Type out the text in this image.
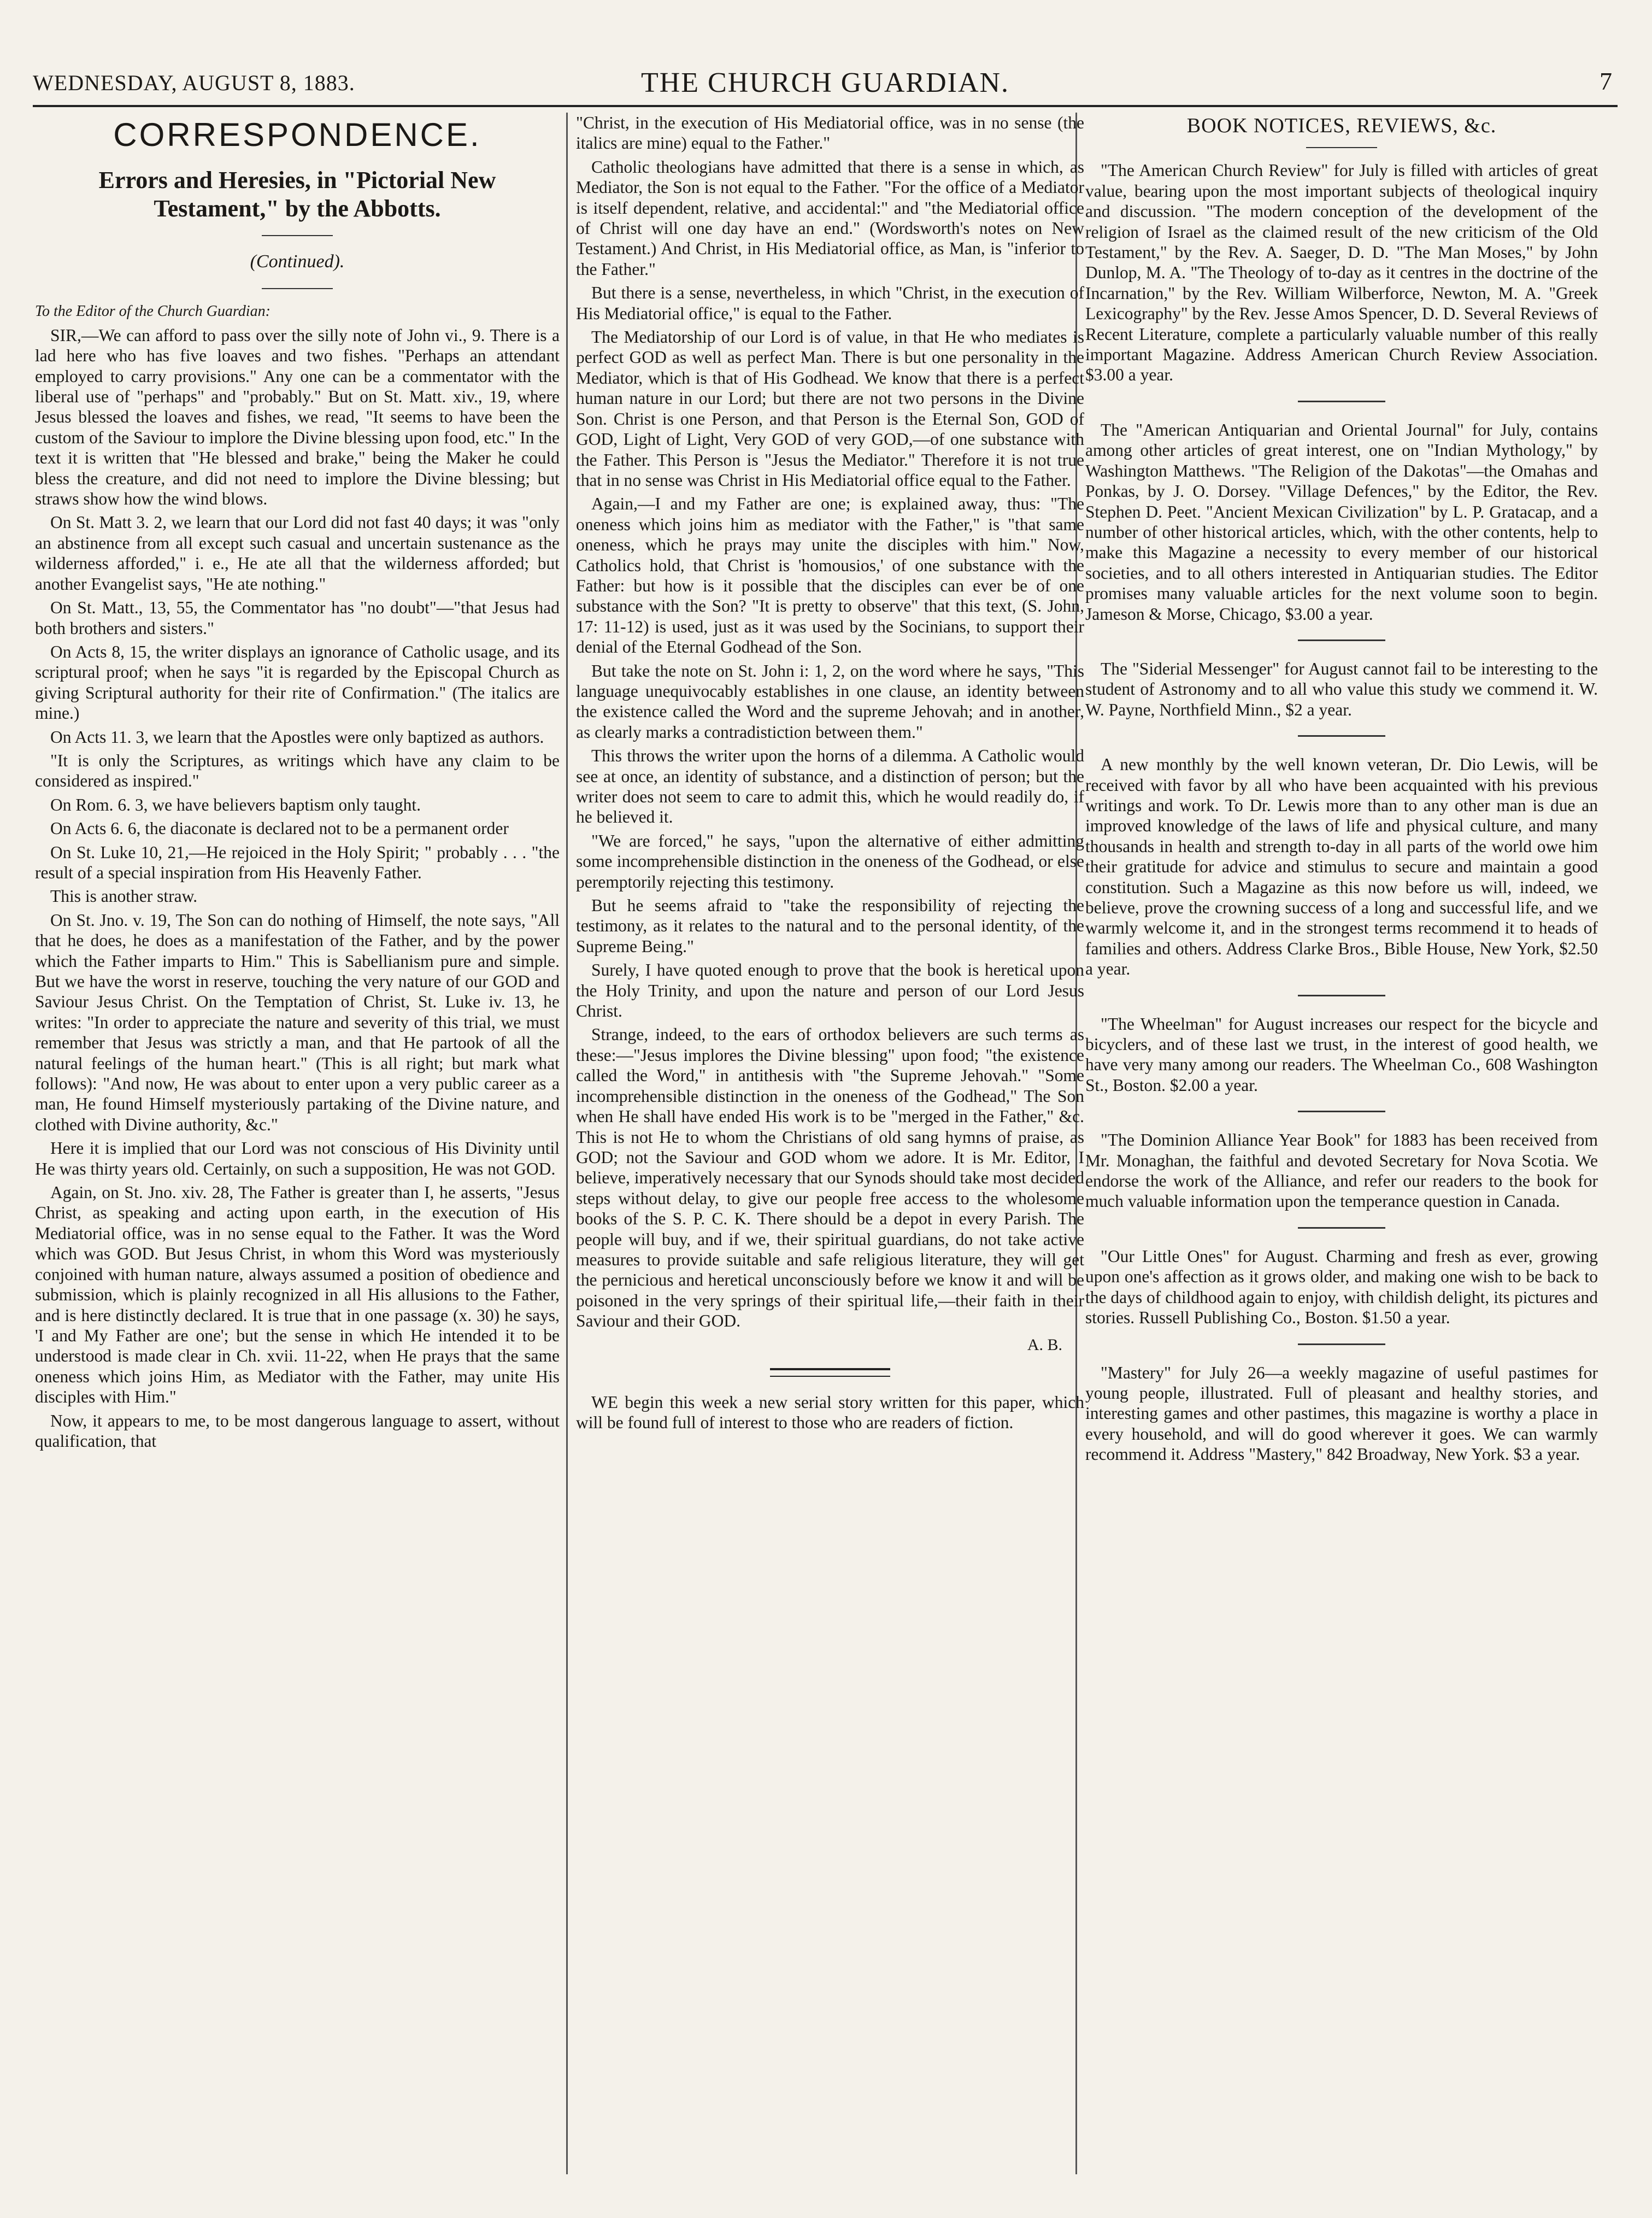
WEDNESDAY, AUGUST 8, 1883.	THE CHURCH GUARDIAN.	7
CORRESPONDENCE.
Errors and Heresies, in "Pictorial New Testament," by the Abbotts.
(Continued).
To the Editor of the Church Guardian:

SIR,—We can afford to pass over the silly note of John vi., 9. There is a lad here who has five loaves and two fishes. "Perhaps an attendant employed to carry provisions." Any one can be a commentator with the liberal use of "perhaps" and "probably." But on St. Matt. xiv., 19, where Jesus blessed the loaves and fishes, we read, "It seems to have been the custom of the Saviour to implore the Divine blessing upon food, etc." In the text it is written that "He blessed and brake," being the Maker he could bless the creature, and did not need to implore the Divine blessing; but straws show how the wind blows.

On St. Matt 3. 2, we learn that our Lord did not fast 40 days; it was "only an abstinence from all except such casual and uncertain sustenance as the wilderness afforded," i. e., He ate all that the wilderness afforded; but another Evangelist says, "He ate nothing."

On St. Matt., 13, 55, the Commentator has "no doubt"—"that Jesus had both brothers and sisters."

On Acts 8, 15, the writer displays an ignorance of Catholic usage, and its scriptural proof; when he says "it is regarded by the Episcopal Church as giving Scriptural authority for their rite of Confirmation." (The italics are mine.)

On Acts 11. 3, we learn that the Apostles were only baptized as authors.

"It is only the Scriptures, as writings which have any claim to be considered as inspired."

On Rom. 6. 3, we have believers baptism only taught.

On Acts 6. 6, the diaconate is declared not to be a permanent order

On St. Luke 10, 21,—He rejoiced in the Holy Spirit; " probably . . . "the result of a special inspiration from His Heavenly Father.

This is another straw.

On St. Jno. v. 19, The Son can do nothing of Himself, the note says, "All that he does, he does as a manifestation of the Father, and by the power which the Father imparts to Him." This is Sabellianism pure and simple. But we have the worst in reserve, touching the very nature of our GOD and Saviour Jesus Christ. On the Temptation of Christ, St. Luke iv. 13, he writes: "In order to appreciate the nature and severity of this trial, we must remember that Jesus was strictly a man, and that He partook of all the natural feelings of the human heart." (This is all right; but mark what follows): "And now, He was about to enter upon a very public career as a man, He found Himself mysteriously partaking of the Divine nature, and clothed with Divine authority, &c."

Here it is implied that our Lord was not conscious of His Divinity until He was thirty years old. Certainly, on such a supposition, He was not GOD.

Again, on St. Jno. xiv. 28, The Father is greater than I, he asserts, "Jesus Christ, as speaking and acting upon earth, in the execution of His Mediatorial office, was in no sense equal to the Father. It was the Word which was GOD. But Jesus Christ, in whom this Word was mysteriously conjoined with human nature, always assumed a position of obedience and submission, which is plainly recognized in all His allusions to the Father, and is here distinctly declared. It is true that in one passage (x. 30) he says, 'I and My Father are one'; but the sense in which He intended it to be understood is made clear in Ch. xvii. 11-22, when He prays that the same oneness which joins Him, as Mediator with the Father, may unite His disciples with Him."

Now, it appears to me, to be most dangerous language to assert, without qualification, that

"Christ, in the execution of His Mediatorial office, was in no sense (the italics are mine) equal to the Father."

Catholic theologians have admitted that there is a sense in which, as Mediator, the Son is not equal to the Father. "For the office of a Mediator is itself dependent, relative, and accidental:" and "the Mediatorial office of Christ will one day have an end." (Wordsworth's notes on New Testament.) And Christ, in His Mediatorial office, as Man, is "inferior to the Father."

But there is a sense, nevertheless, in which "Christ, in the execution of His Mediatorial office," is equal to the Father.

The Mediatorship of our Lord is of value, in that He who mediates is perfect GOD as well as perfect Man. There is but one personality in the Mediator, which is that of His Godhead. We know that there is a perfect human nature in our Lord; but there are not two persons in the Divine Son. Christ is one Person, and that Person is the Eternal Son, GOD of GOD, Light of Light, Very GOD of very GOD,—of one substance with the Father. This Person is "Jesus the Mediator." Therefore it is not true that in no sense was Christ in His Mediatorial office equal to the Father.

Again,—I and my Father are one; is explained away, thus: "The oneness which joins him as mediator with the Father," is "that same oneness, which he prays may unite the disciples with him." Now, Catholics hold, that Christ is 'homousios,' of one substance with the Father: but how is it possible that the disciples can ever be of one substance with the Son? "It is pretty to observe" that this text, (S. John, 17: 11-12) is used, just as it was used by the Socinians, to support their denial of the Eternal Godhead of the Son.

But take the note on St. John i: 1, 2, on the word where he says, "This language unequivocably establishes in one clause, an identity between the existence called the Word and the supreme Jehovah; and in another, as clearly marks a contradistiction between them."

This throws the writer upon the horns of a dilemma. A Catholic would see at once, an identity of substance, and a distinction of person; but the writer does not seem to care to admit this, which he would readily do, if he believed it.

"We are forced," he says, "upon the alternative of either admitting some incomprehensible distinction in the oneness of the Godhead, or else peremptorily rejecting this testimony.

But he seems afraid to "take the responsibility of rejecting the testimony, as it relates to the natural and to the personal identity, of the Supreme Being."

Surely, I have quoted enough to prove that the book is heretical upon the Holy Trinity, and upon the nature and person of our Lord Jesus Christ.

Strange, indeed, to the ears of orthodox believers are such terms as these:—"Jesus implores the Divine blessing" upon food; "the existence called the Word," in antithesis with "the Supreme Jehovah." "Some incomprehensible distinction in the oneness of the Godhead," The Son when He shall have ended His work is to be "merged in the Father," &c. This is not He to whom the Christians of old sang hymns of praise, as GOD; not the Saviour and GOD whom we adore. It is Mr. Editor, I believe, imperatively necessary that our Synods should take most decided steps without delay, to give our people free access to the wholesome books of the S. P. C. K. There should be a depot in every Parish. The people will buy, and if we, their spiritual guardians, do not take active measures to provide suitable and safe religious literature, they will get the pernicious and heretical unconsciously before we know it and will be poisoned in the very springs of their spiritual life,—their faith in their Saviour and their GOD.

A. B.

WE begin this week a new serial story written for this paper, which will be found full of interest to those who are readers of fiction.

BOOK NOTICES, REVIEWS, &c.

"The American Church Review" for July is filled with articles of great value, bearing upon the most important subjects of theological inquiry and discussion. "The modern conception of the development of the religion of Israel as the claimed result of the new criticism of the Old Testament," by the Rev. A. Saeger, D. D. "The Man Moses," by John Dunlop, M. A. "The Theology of to-day as it centres in the doctrine of the Incarnation," by the Rev. William Wilberforce, Newton, M. A. "Greek Lexicography" by the Rev. Jesse Amos Spencer, D. D. Several Reviews of Recent Literature, complete a particularly valuable number of this really important Magazine. Address American Church Review Association. $3.00 a year.

The "American Antiquarian and Oriental Journal" for July, contains among other articles of great interest, one on "Indian Mythology," by Washington Matthews. "The Religion of the Dakotas"—the Omahas and Ponkas, by J. O. Dorsey. "Village Defences," by the Editor, the Rev. Stephen D. Peet. "Ancient Mexican Civilization" by L. P. Gratacap, and a number of other historical articles, which, with the other contents, help to make this Magazine a necessity to every member of our historical societies, and to all others interested in Antiquarian studies. The Editor promises many valuable articles for the next volume soon to begin. Jameson & Morse, Chicago, $3.00 a year.

The "Siderial Messenger" for August cannot fail to be interesting to the student of Astronomy and to all who value this study we commend it. W. W. Payne, Northfield Minn., $2 a year.

A new monthly by the well known veteran, Dr. Dio Lewis, will be received with favor by all who have been acquainted with his previous writings and work. To Dr. Lewis more than to any other man is due an improved knowledge of the laws of life and physical culture, and many thousands in health and strength to-day in all parts of the world owe him their gratitude for advice and stimulus to secure and maintain a good constitution. Such a Magazine as this now before us will, indeed, we believe, prove the crowning success of a long and successful life, and we warmly welcome it, and in the strongest terms recommend it to heads of families and others. Address Clarke Bros., Bible House, New York, $2.50 a year.

"The Wheelman" for August increases our respect for the bicycle and bicyclers, and of these last we trust, in the interest of good health, we have very many among our readers. The Wheelman Co., 608 Washington St., Boston. $2.00 a year.

"The Dominion Alliance Year Book" for 1883 has been received from Mr. Monaghan, the faithful and devoted Secretary for Nova Scotia. We endorse the work of the Alliance, and refer our readers to the book for much valuable information upon the temperance question in Canada.

"Our Little Ones" for August. Charming and fresh as ever, growing upon one's affection as it grows older, and making one wish to be back to the days of childhood again to enjoy, with childish delight, its pictures and stories. Russell Publishing Co., Boston. $1.50 a year.

"Mastery" for July 26—a weekly magazine of useful pastimes for young people, illustrated. Full of pleasant and healthy stories, and interesting games and other pastimes, this magazine is worthy a place in every household, and will do good wherever it goes. We can warmly recommend it. Address "Mastery," 842 Broadway, New York. $3 a year.
